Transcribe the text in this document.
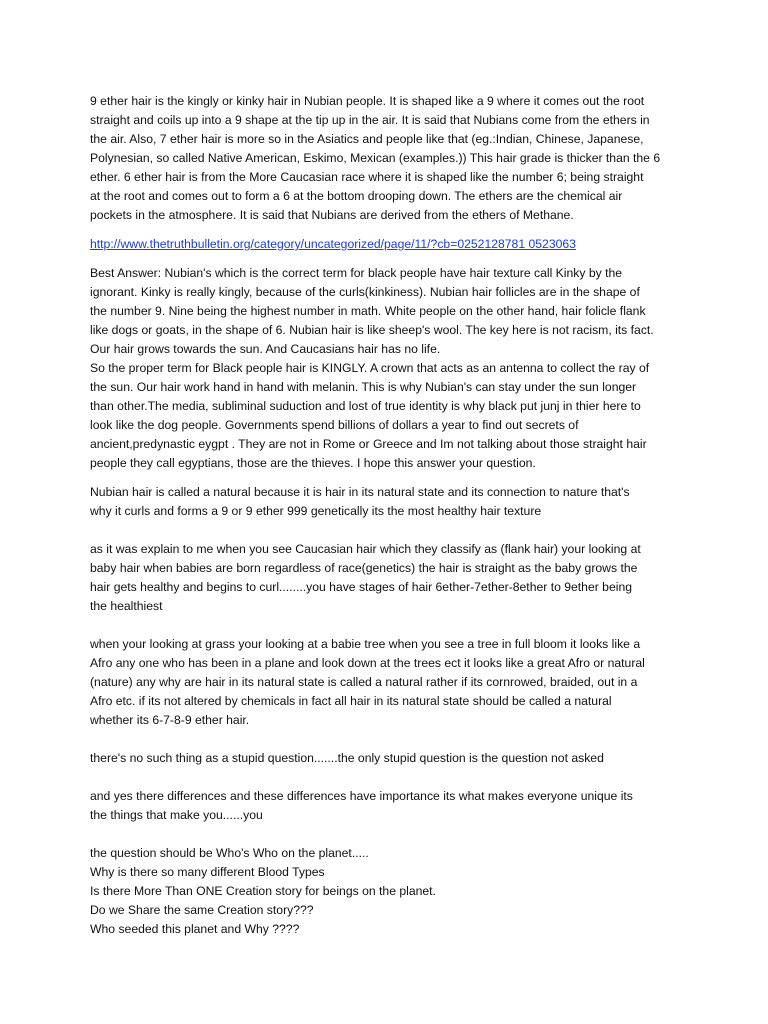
9 ether hair is the kingly or kinky hair in Nubian people. It is shaped like a 9 where it comes out the root
straight and coils up into a 9 shape at the tip up in the air. It is said that Nubians come from the ethers in
the air. Also, 7 ether hair is more so in the Asiatics and people like that (eg.:Indian, Chinese, Japanese,
Polynesian, so called Native American, Eskimo, Mexican (examples.)) This hair grade is thicker than the 6
ether. 6 ether hair is from the More Caucasian race where it is shaped like the number 6; being straight
at the root and comes out to form a 6 at the bottom drooping down. The ethers are the chemical air
pockets in the atmosphere. It is said that Nubians are derived from the ethers of Methane.

http://www.thetruthbulletin.org/category/uncategorized/page/11/?cb=0252128781 0523063

Best Answer: Nubian's which is the correct term for black people have hair texture call Kinky by the
ignorant. Kinky is really kingly, because of the curls(kinkiness). Nubian hair follicles are in the shape of
the number 9. Nine being the highest number in math. White people on the other hand, hair folicle flank
like dogs or goats, in the shape of 6. Nubian hair is like sheep's wool. The key here is not racism, its fact.
Our hair grows towards the sun. And Caucasians hair has no life.
So the proper term for Black people hair is KINGLY. A crown that acts as an antenna to collect the ray of
the sun. Our hair work hand in hand with melanin. This is why Nubian's can stay under the sun longer
than other.The media, subliminal suduction and lost of true identity is why black put junj in thier here to
look like the dog people. Governments spend billions of dollars a year to find out secrets of
ancient,predynastic eygpt . They are not in Rome or Greece and Im not talking about those straight hair
people they call egyptians, those are the thieves. I hope this answer your question.

Nubian hair is called a natural because it is hair in its natural state and its connection to nature that's
why it curls and forms a 9 or 9 ether 999 genetically its the most healthy hair texture

as it was explain to me when you see Caucasian hair which they classify as (flank hair) your looking at
baby hair when babies are born regardless of race(genetics) the hair is straight as the baby grows the
hair gets healthy and begins to curl........you have stages of hair 6ether-7ether-8ether to 9ether being
the healthiest

when your looking at grass your looking at a babie tree when you see a tree in full bloom it looks like a
Afro any one who has been in a plane and look down at the trees ect it looks like a great Afro or natural
(nature) any why are hair in its natural state is called a natural rather if its cornrowed, braided, out in a
Afro etc. if its not altered by chemicals in fact all hair in its natural state should be called a natural
whether its 6-7-8-9 ether hair.

there's no such thing as a stupid question.......the only stupid question is the question not asked

and yes there differences and these differences have importance its what makes everyone unique its
the things that make you......you

the question should be Who's Who on the planet.....
Why is there so many different Blood Types
Is there More Than ONE Creation story for beings on the planet.
Do we Share the same Creation story???
Who seeded this planet and Why ????
